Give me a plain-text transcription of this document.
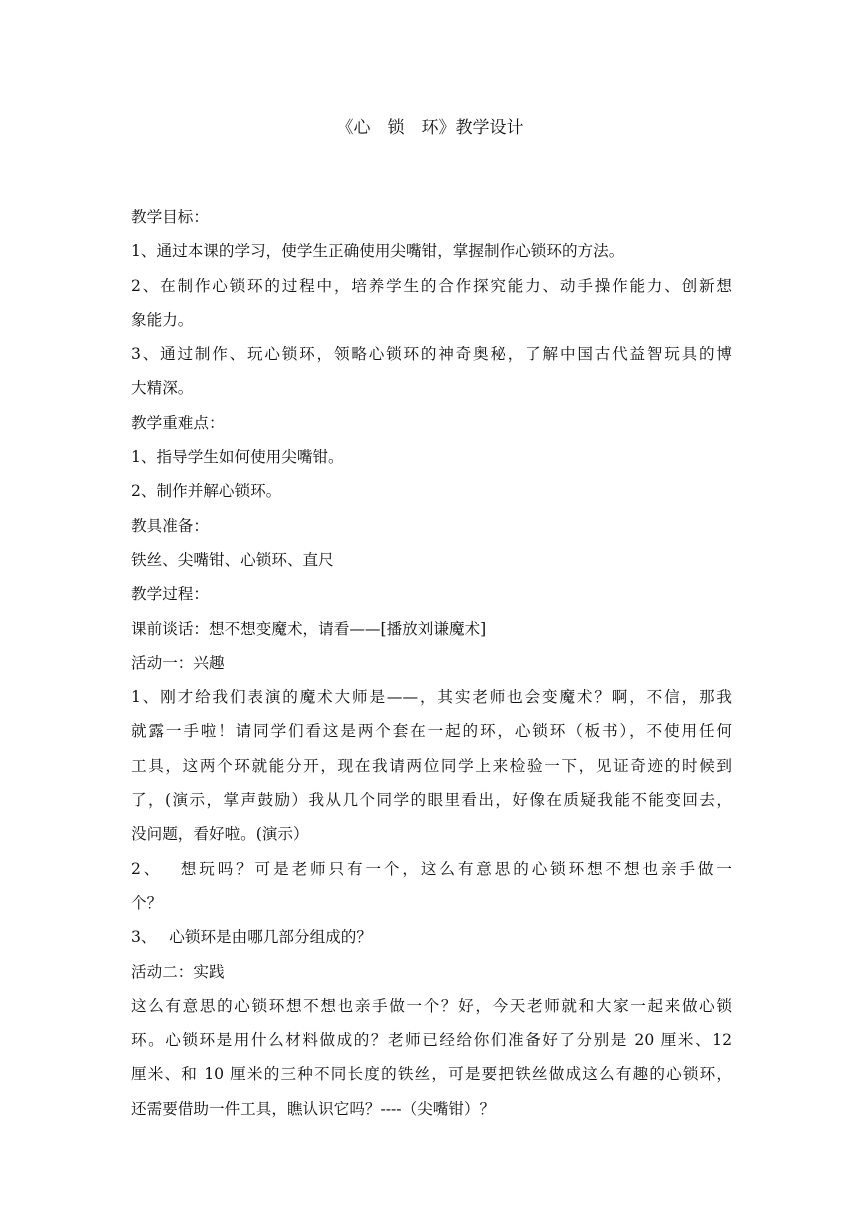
《心　锁　环》教学设计
教学目标：
1、通过本课的学习，使学生正确使用尖嘴钳，掌握制作心锁环的方法。
2、在制作心锁环的过程中，培养学生的合作探究能力、动手操作能力、创新想
象能力。
3、通过制作、玩心锁环，领略心锁环的神奇奥秘，了解中国古代益智玩具的博
大精深。
教学重难点：
1、指导学生如何使用尖嘴钳。
2、制作并解心锁环。
教具准备：
铁丝、尖嘴钳、心锁环、直尺
教学过程：
课前谈话：想不想变魔术，请看——[播放刘谦魔术]
活动一：兴趣
1、刚才给我们表演的魔术大师是——，其实老师也会变魔术？啊，不信，那我
就露一手啦！请同学们看这是两个套在一起的环，心锁环（板书），不使用任何
工具，这两个环就能分开，现在我请两位同学上来检验一下，见证奇迹的时候到
了，(演示，掌声鼓励）我从几个同学的眼里看出，好像在质疑我能不能变回去，
没问题，看好啦。(演示）
2、　 想玩吗？可是老师只有一个，这么有意思的心锁环想不想也亲手做一
个？
3、　 心锁环是由哪几部分组成的？
活动二：实践
这么有意思的心锁环想不想也亲手做一个？好，今天老师就和大家一起来做心锁
环。心锁环是用什么材料做成的？老师已经给你们准备好了分别是 20 厘米、12
厘米、和 10 厘米的三种不同长度的铁丝，可是要把铁丝做成这么有趣的心锁环，
还需要借助一件工具，瞧认识它吗？----（尖嘴钳）？
